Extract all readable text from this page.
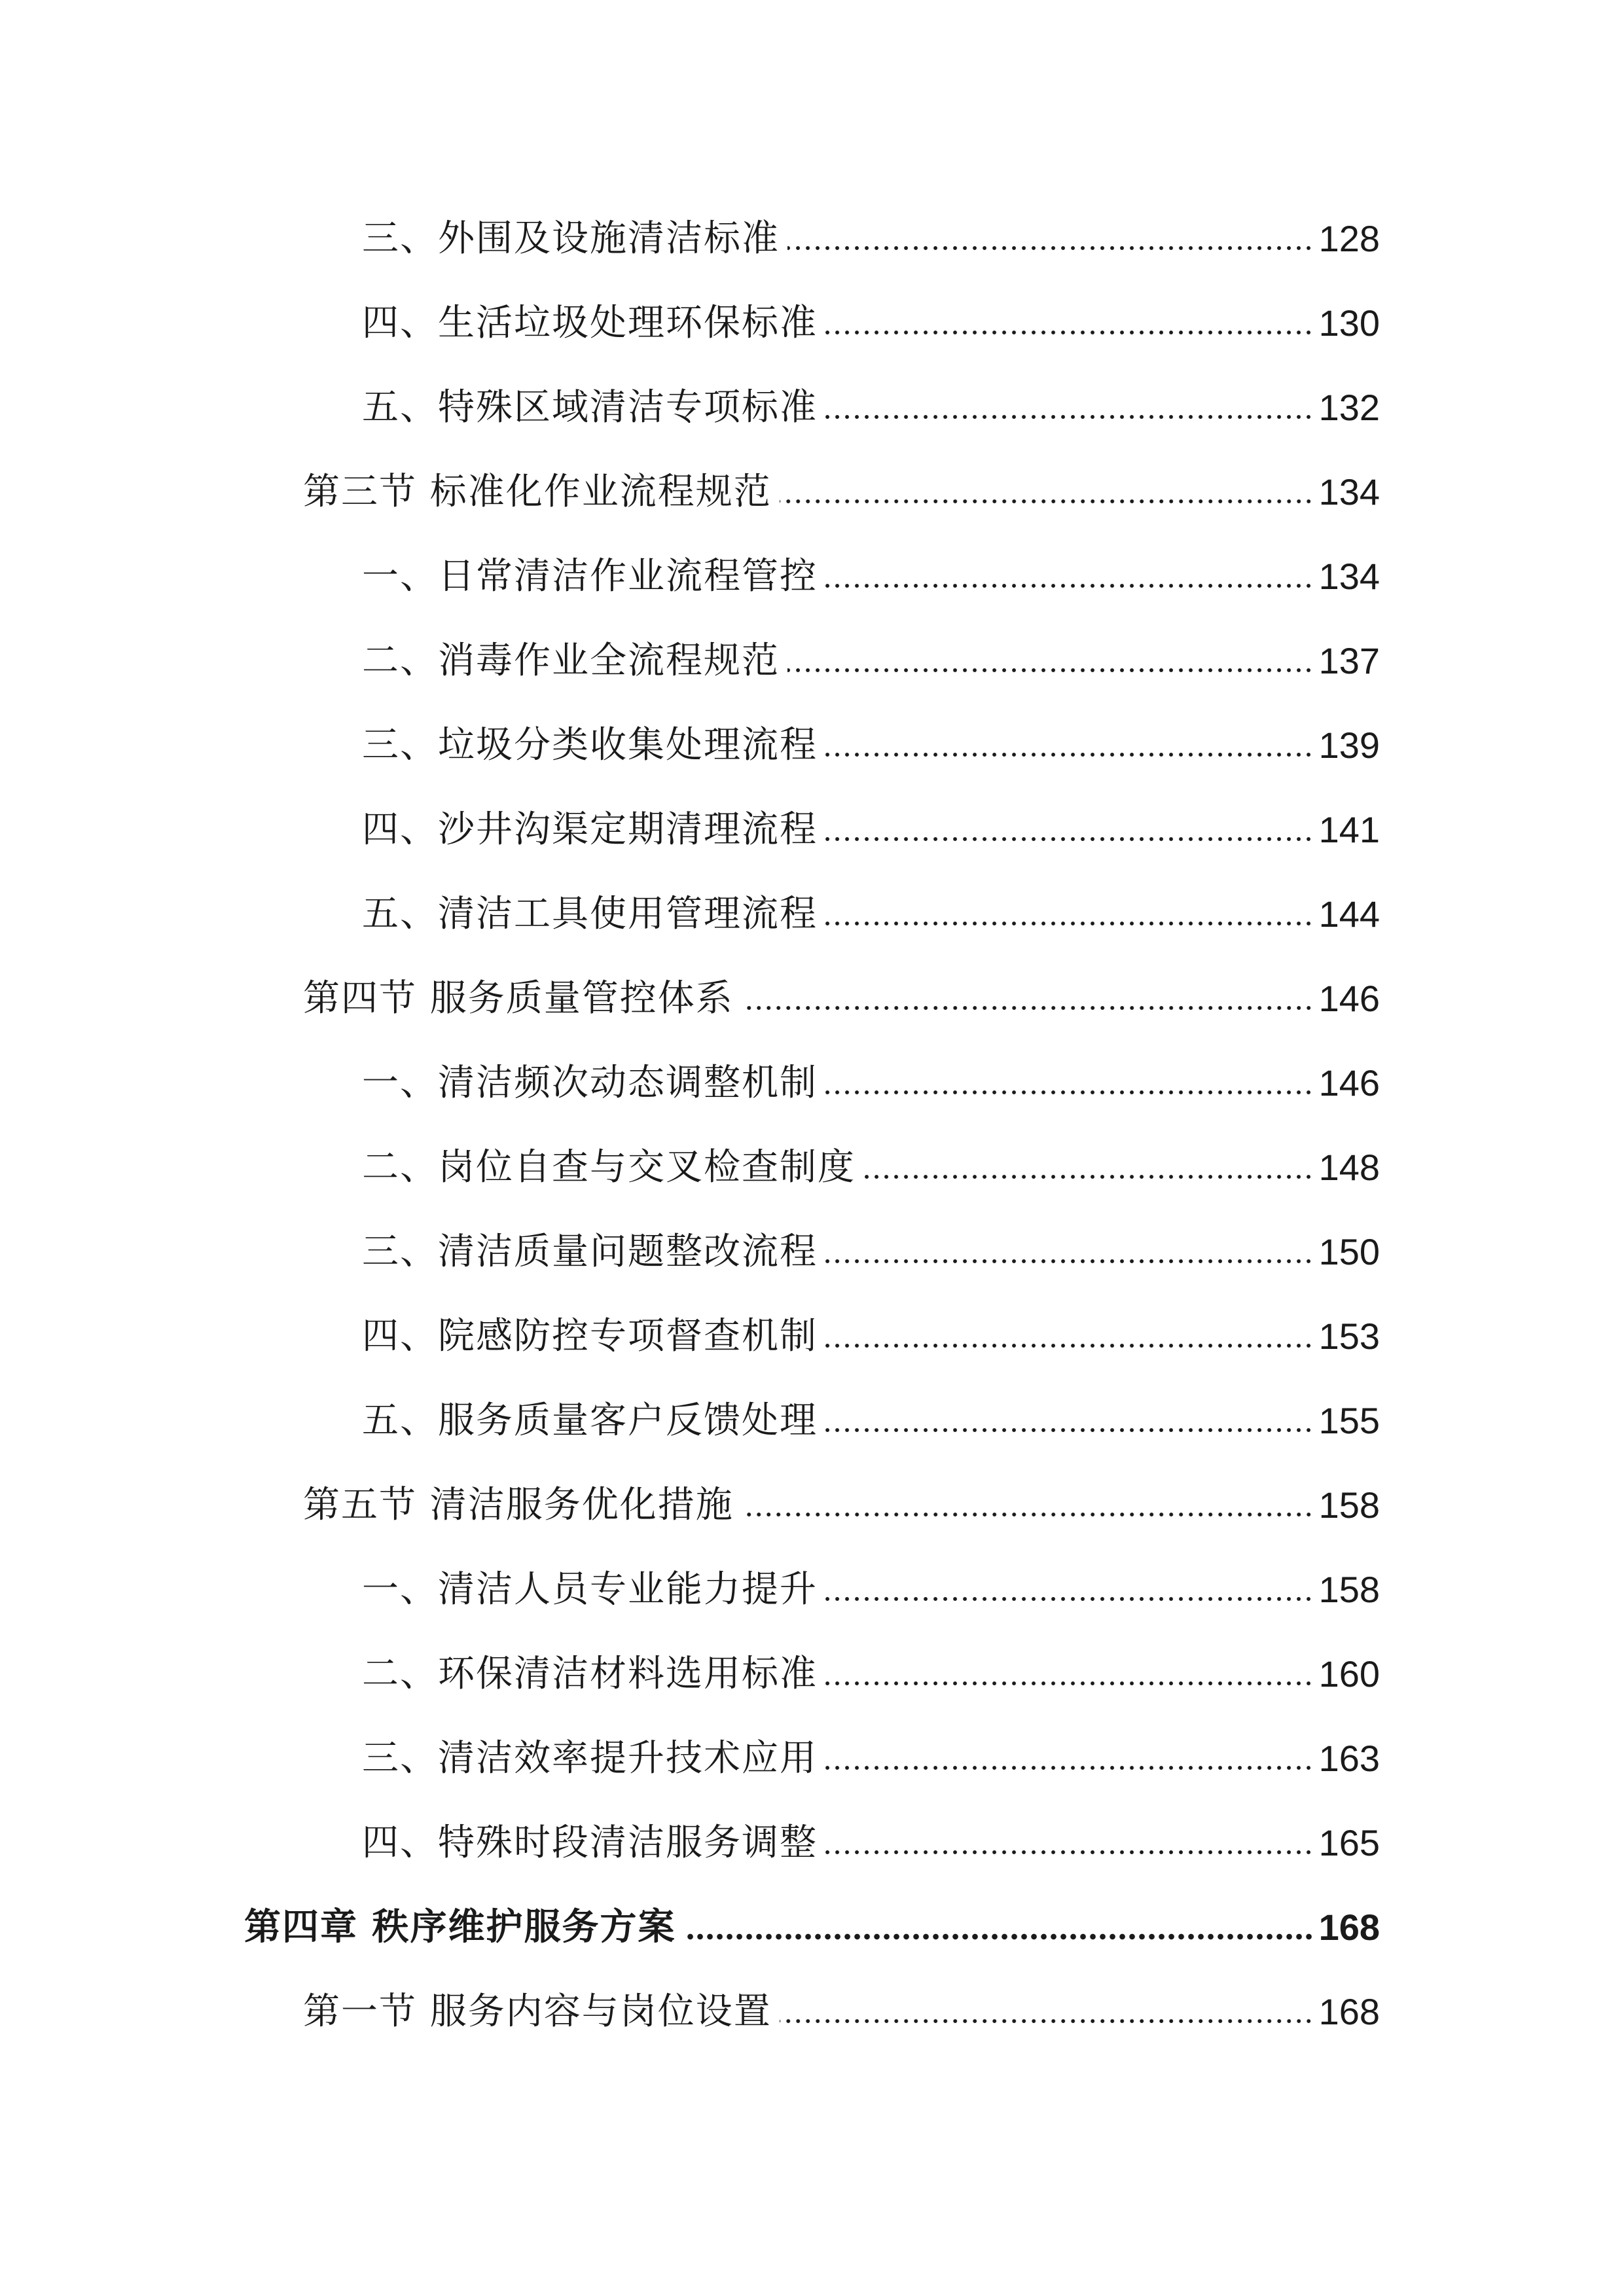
三、外围及设施清洁标准	128
四、生活垃圾处理环保标准	130
五、特殊区域清洁专项标准	132
第三节 标准化作业流程规范	134
一、日常清洁作业流程管控	134
二、消毒作业全流程规范	137
三、垃圾分类收集处理流程	139
四、沙井沟渠定期清理流程	141
五、清洁工具使用管理流程	144
第四节 服务质量管控体系	146
一、清洁频次动态调整机制	146
二、岗位自查与交叉检查制度	148
三、清洁质量问题整改流程	150
四、院感防控专项督查机制	153
五、服务质量客户反馈处理	155
第五节 清洁服务优化措施	158
一、清洁人员专业能力提升	158
二、环保清洁材料选用标准	160
三、清洁效率提升技术应用	163
四、特殊时段清洁服务调整	165
第四章 秩序维护服务方案	168
第一节 服务内容与岗位设置	168
